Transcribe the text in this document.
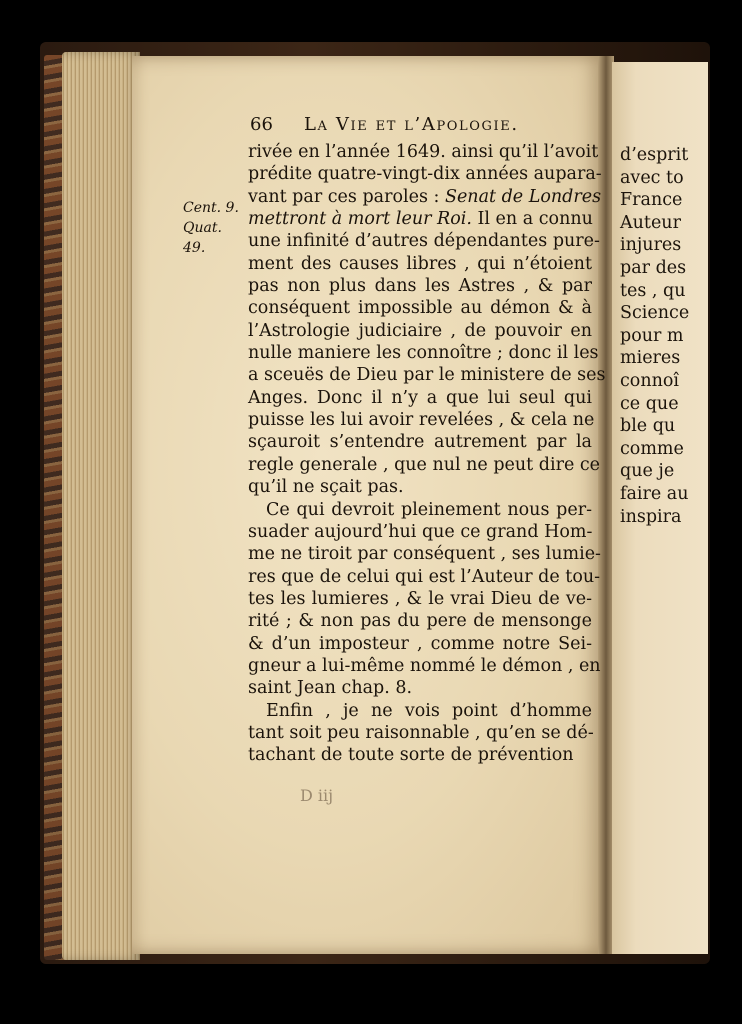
d’esprit
avec to
France
Auteur
injures
par des
tes , qu
Science
pour m
mieres
connoî
ce que
ble qu
comme
que je
faire au
inspira
66 La Vie et l’Apologie.
Cent. 9.
Quat.
49.
rivée en l’année 1649. ainsi qu’il l’avoit
prédite quatre-vingt-dix années aupara-
vant par ces paroles : Senat de Londres
mettront à mort leur Roi. Il en a connu
une infinité d’autres dépendantes pure-
ment des causes libres , qui n’étoient
pas non plus dans les Astres , & par
conséquent impossible au démon & à
l’Astrologie judiciaire , de pouvoir en
nulle maniere les connoître ; donc il les
a sceuës de Dieu par le ministere de ses
Anges. Donc il n’y a que lui seul qui
puisse les lui avoir revelées , & cela ne
sçauroit s’entendre autrement par la
regle generale , que nul ne peut dire ce
qu’il ne sçait pas.
Ce qui devroit pleinement nous per-
suader aujourd’hui que ce grand Hom-
me ne tiroit par conséquent , ses lumie-
res que de celui qui est l’Auteur de tou-
tes les lumieres , & le vrai Dieu de ve-
rité ; & non pas du pere de mensonge
& d’un imposteur , comme notre Sei-
gneur a lui-même nommé le démon , en
saint Jean chap. 8.
Enfin , je ne vois point d’homme
tant soit peu raisonnable , qu’en se dé-
tachant de toute sorte de prévention
D iij
